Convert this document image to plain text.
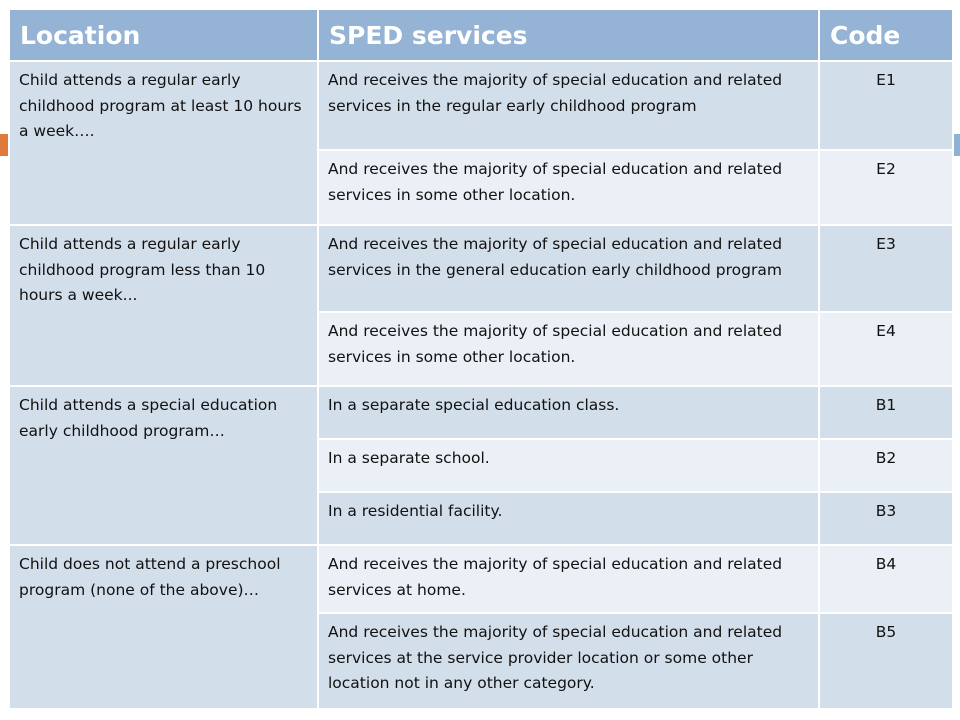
Location	SPED services	Code
Child attends a regular early childhood program at least 10 hours a week….	And receives the majority of special education and related services in the regular early childhood program	E1
	And receives the majority of special education and related services in some other location.	E2
Child attends a regular early childhood program less than 10 hours a week...	And receives the majority of special education and related services in the general education early childhood program	E3
	And receives the majority of special education and related services in some other location.	E4
Child attends a special education early childhood program…	In a separate special education class.	B1
	In a separate school.	B2
	In a residential facility.	B3
Child does not attend a preschool program (none of the above)…	And receives the majority of special education and related services at home.	B4
	And receives the majority of special education and related services at the service provider location or some other location not in any other category.	B5
